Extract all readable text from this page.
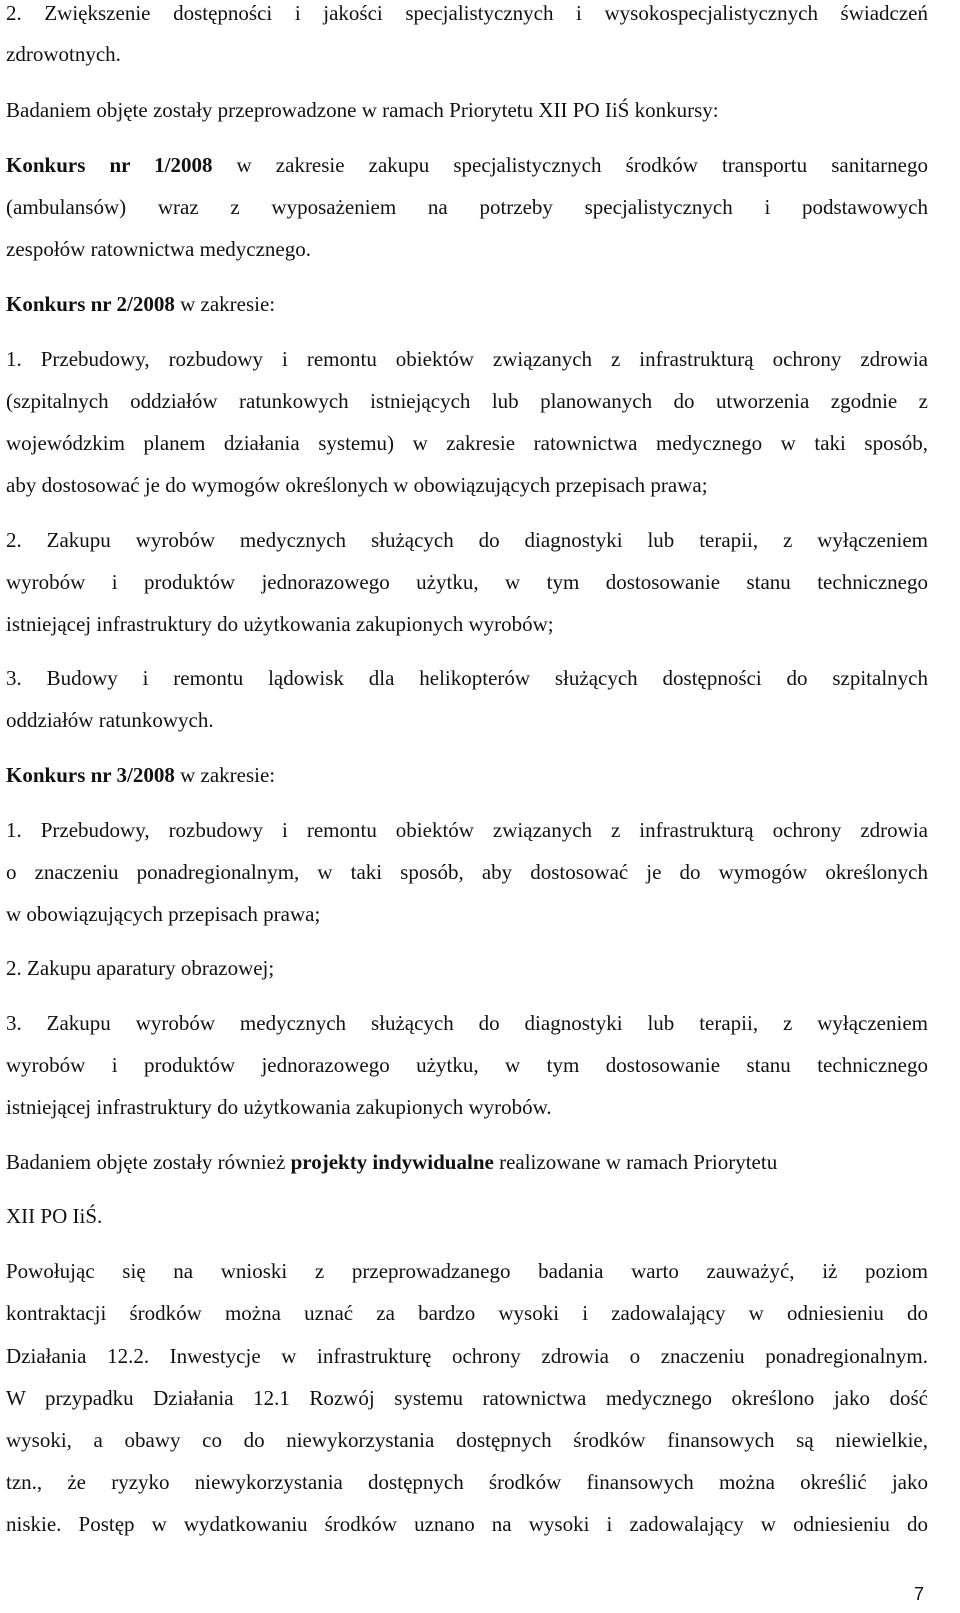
2. Zwiększenie dostępności i jakości specjalistycznych i wysokospecjalistycznych świadczeń
zdrowotnych.
Badaniem objęte zostały przeprowadzone w ramach Priorytetu XII PO IiŚ konkursy:
Konkurs nr 1/2008 w zakresie zakupu specjalistycznych środków transportu sanitarnego
(ambulansów) wraz z wyposażeniem na potrzeby specjalistycznych i podstawowych
zespołów ratownictwa medycznego.
Konkurs nr 2/2008 w zakresie:
1. Przebudowy, rozbudowy i remontu obiektów związanych z infrastrukturą ochrony zdrowia
(szpitalnych oddziałów ratunkowych istniejących lub planowanych do utworzenia zgodnie z
wojewódzkim planem działania systemu) w zakresie ratownictwa medycznego w taki sposób,
aby dostosować je do wymogów określonych w obowiązujących przepisach prawa;
2. Zakupu wyrobów medycznych służących do diagnostyki lub terapii, z wyłączeniem
wyrobów i produktów jednorazowego użytku, w tym dostosowanie stanu technicznego
istniejącej infrastruktury do użytkowania zakupionych wyrobów;
3. Budowy i remontu lądowisk dla helikopterów służących dostępności do szpitalnych
oddziałów ratunkowych.
Konkurs nr 3/2008 w zakresie:
1. Przebudowy, rozbudowy i remontu obiektów związanych z infrastrukturą ochrony zdrowia
o znaczeniu ponadregionalnym, w taki sposób, aby dostosować je do wymogów określonych
w obowiązujących przepisach prawa;
2. Zakupu aparatury obrazowej;
3. Zakupu wyrobów medycznych służących do diagnostyki lub terapii, z wyłączeniem
wyrobów i produktów jednorazowego użytku, w tym dostosowanie stanu technicznego
istniejącej infrastruktury do użytkowania zakupionych wyrobów.
Badaniem objęte zostały również projekty indywidualne realizowane w ramach Priorytetu
XII PO IiŚ.
Powołując się na wnioski z przeprowadzanego badania warto zauważyć, iż poziom
kontraktacji środków można uznać za bardzo wysoki i zadowalający w odniesieniu do
Działania 12.2. Inwestycje w infrastrukturę ochrony zdrowia o znaczeniu ponadregionalnym.
W przypadku Działania 12.1 Rozwój systemu ratownictwa medycznego określono jako dość
wysoki, a obawy co do niewykorzystania dostępnych środków finansowych są niewielkie,
tzn., że ryzyko niewykorzystania dostępnych środków finansowych można określić jako
niskie. Postęp w wydatkowaniu środków uznano na wysoki i zadowalający w odniesieniu do
7
